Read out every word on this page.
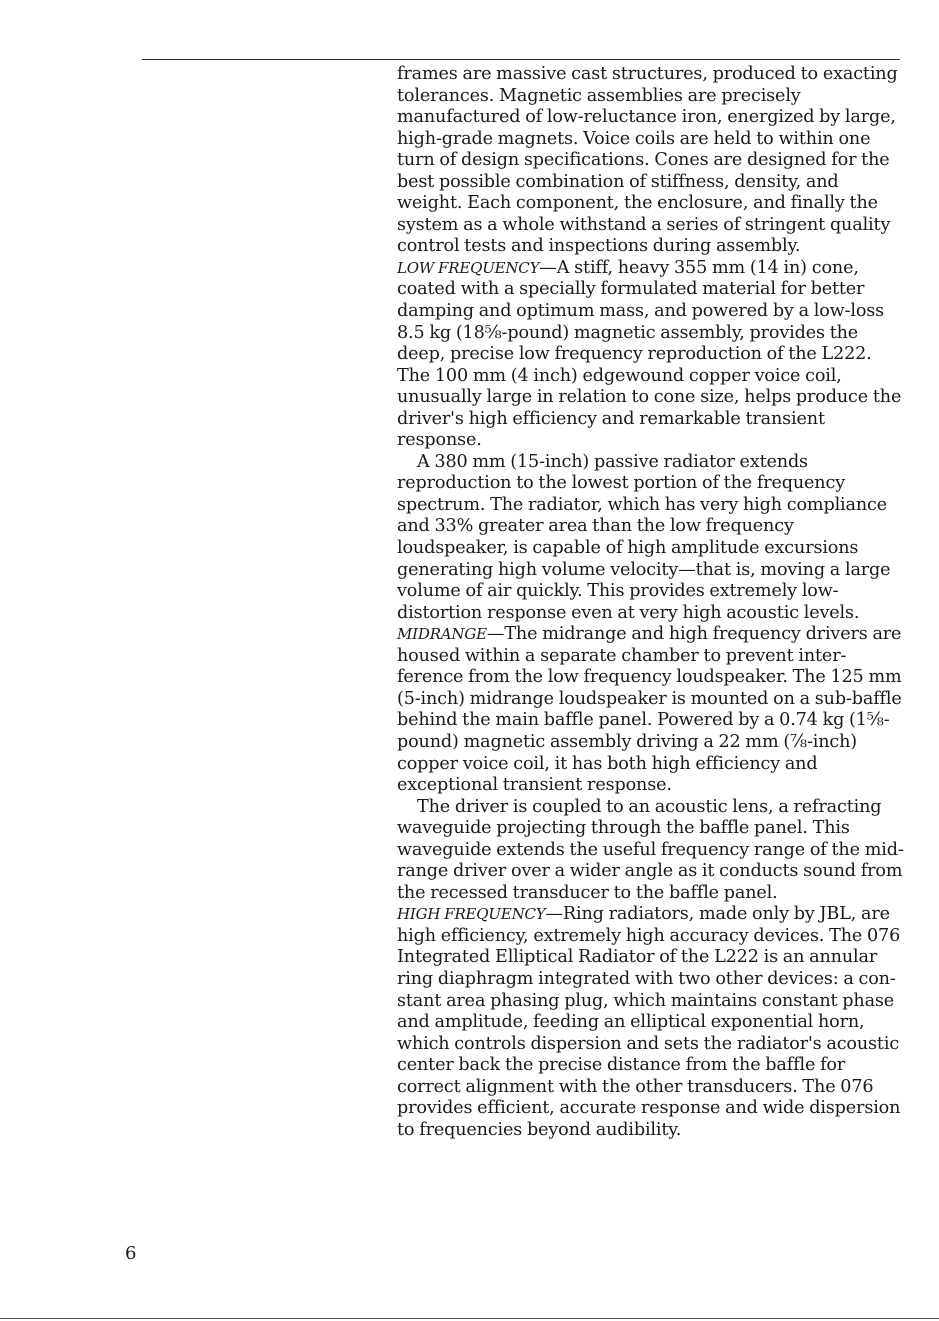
frames are massive cast structures, produced to exacting tolerances. Magnetic assemblies are precisely manufactured of low-reluctance iron, energized by large, high-grade magnets. Voice coils are held to within one turn of design specifications. Cones are designed for the best possible combination of stiffness, density, and weight. Each component, the enclosure, and finally the system as a whole withstand a series of stringent quality control tests and inspections during assembly.

LOW FREQUENCY—A stiff, heavy 355 mm (14 in) cone, coated with a specially formulated material for better damping and optimum mass, and powered by a low-loss 8.5 kg (18⅝-pound) magnetic assembly, provides the deep, precise low frequency reproduction of the L222. The 100 mm (4 inch) edgewound copper voice coil, unusually large in relation to cone size, helps produce the driver's high efficiency and remarkable transient response.

A 380 mm (15-inch) passive radiator extends reproduction to the lowest portion of the frequency spectrum. The radiator, which has very high compliance and 33% greater area than the low frequency loudspeaker, is capable of high amplitude excursions generating high volume velocity—that is, moving a large volume of air quickly. This provides extremely low-distortion response even at very high acoustic levels.

MIDRANGE—The midrange and high frequency drivers are housed within a separate chamber to prevent inter-ference from the low frequency loudspeaker. The 125 mm (5-inch) midrange loudspeaker is mounted on a sub-baffle behind the main baffle panel. Powered by a 0.74 kg (1⅝-pound) magnetic assembly driving a 22 mm (⅞-inch) copper voice coil, it has both high efficiency and exceptional transient response.

The driver is coupled to an acoustic lens, a refracting waveguide projecting through the baffle panel. This waveguide extends the useful frequency range of the mid-range driver over a wider angle as it conducts sound from the recessed transducer to the baffle panel.

HIGH FREQUENCY—Ring radiators, made only by JBL, are high efficiency, extremely high accuracy devices. The 076 Integrated Elliptical Radiator of the L222 is an annular ring diaphragm integrated with two other devices: a con-stant area phasing plug, which maintains constant phase and amplitude, feeding an elliptical exponential horn, which controls dispersion and sets the radiator's acoustic center back the precise distance from the baffle for correct alignment with the other transducers. The 076 provides efficient, accurate response and wide dispersion to frequencies beyond audibility.

6
